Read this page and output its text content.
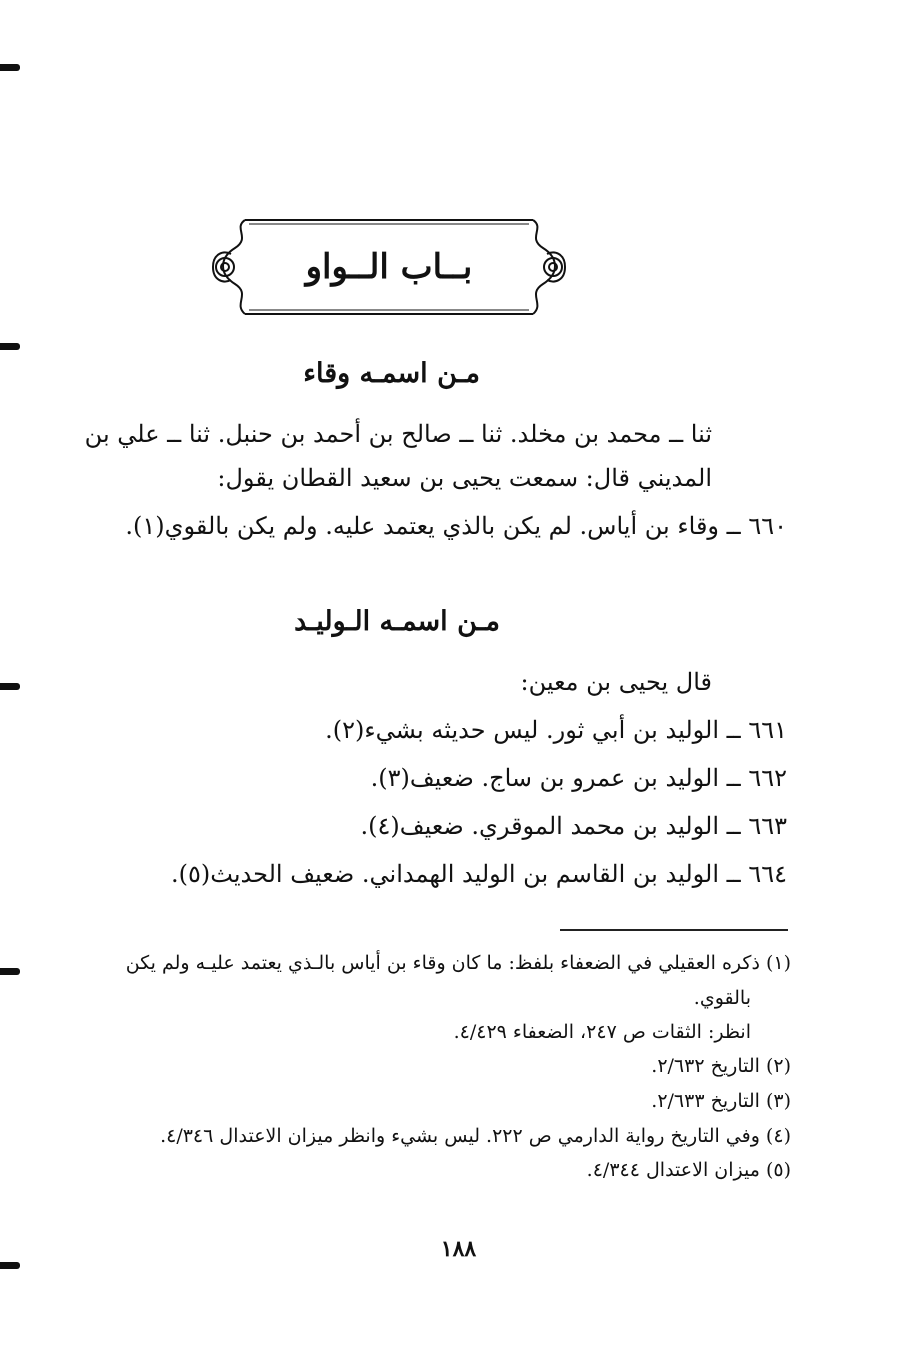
بــاب الــواو
مـن اسمـه وقاء
ثنا ــ محمد بن مخلد. ثنا ــ صالح بن أحمد بن حنبل. ثنا ــ علي بن
المديني قال: سمعت يحيى بن سعيد القطان يقول:
٦٦٠ ــ وقاء بن أياس. لم يكن بالذي يعتمد عليه. ولم يكن بالقوي(١).
مـن اسمـه الـوليـد
قال يحيى بن معين:
٦٦١ ــ الوليد بن أبي ثور. ليس حديثه بشيء(٢).
٦٦٢ ــ الوليد بن عمرو بن ساج. ضعيف(٣).
٦٦٣ ــ الوليد بن محمد الموقري. ضعيف(٤).
٦٦٤ ــ الوليد بن القاسم بن الوليد الهمداني. ضعيف الحديث(٥).
(١) ذكره العقيلي في الضعفاء بلفظ: ما كان وقاء بن أياس بالـذي يعتمد عليـه ولم يكن
بالقوي.
انظر: الثقات ص ٢٤٧، الضعفاء ٤/٤٢٩.
(٢) التاريخ ٢/٦٣٢.
(٣) التاريخ ٢/٦٣٣.
(٤) وفي التاريخ رواية الدارمي ص ٢٢٢. ليس بشيء وانظر ميزان الاعتدال ٤/٣٤٦.
(٥) ميزان الاعتدال ٤/٣٤٤.
١٨٨
